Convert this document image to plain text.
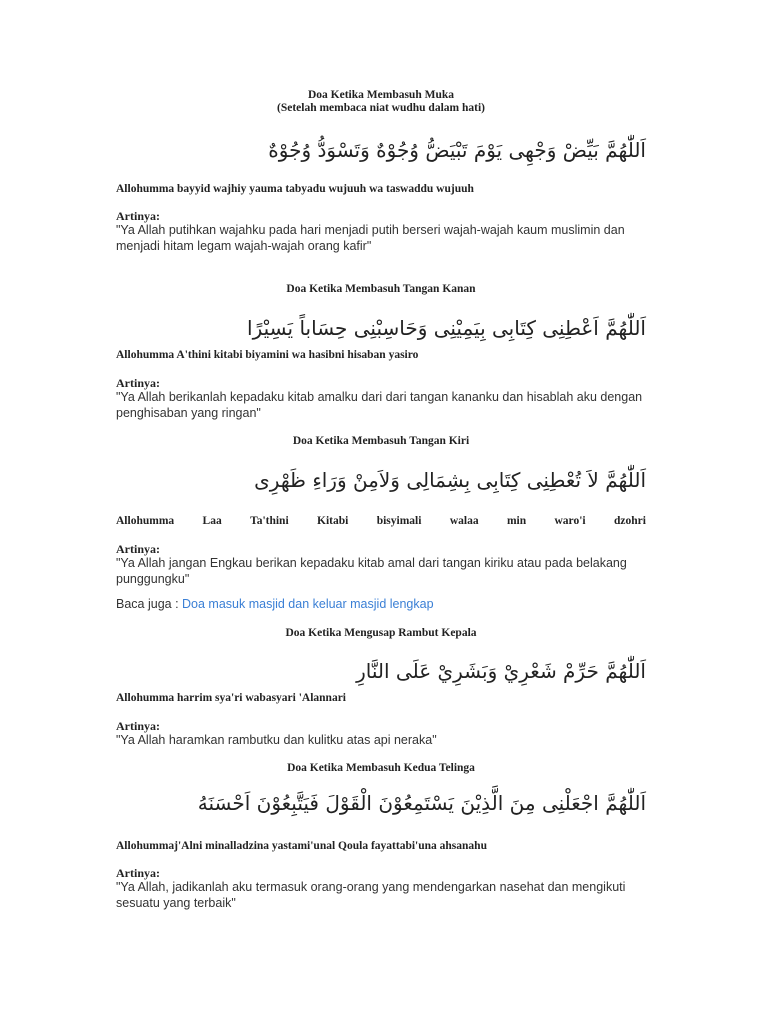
Doa Ketika Membasuh Muka
(Setelah membaca niat wudhu dalam hati)
اَللّٰهُمَّ بَيِّضْ وَجْهِى يَوْمَ تَبْيَضُّ وُجُوْهٌ وَتَسْوَدُّ وُجُوْهٌ
Allohumma bayyid wajhiy yauma tabyadu wujuuh wa taswaddu wujuuh
Artinya:
"Ya Allah putihkan wajahku pada hari menjadi putih berseri wajah-wajah kaum muslimin dan menjadi hitam legam wajah-wajah orang kafir"
Doa Ketika Membasuh Tangan Kanan
اَللّٰهُمَّ اَعْطِنِى كِتَابِى بِيَمِيْنِى وَحَاسِبْنِى حِسَاباً يَسِيْرًا
Allohumma A'thini kitabi biyamini wa hasibni hisaban yasiro
Artinya:
"Ya Allah berikanlah kepadaku kitab amalku dari dari tangan kananku dan hisablah aku dengan penghisaban yang ringan"
Doa Ketika Membasuh Tangan Kiri
اَللّٰهُمَّ لاَ تُعْطِنِى كِتَابِى بِشِمَالِى وَلاَمِنْ وَرَاءِ ظَهْرِى
Allohumma Laa Ta'thini Kitabi bisyimali walaa min waro'i dzohri
Artinya:
"Ya Allah jangan Engkau berikan kepadaku kitab amal dari tangan kiriku atau pada belakang punggungku"
Baca juga : Doa masuk masjid dan keluar masjid lengkap
Doa Ketika Mengusap Rambut Kepala
اَللّٰهُمَّ حَرِّمْ شَعْرِيْ وَبَشَرِيْ عَلَى النَّارِ
Allohumma harrim sya'ri wabasyari 'Alannari
Artinya:
"Ya Allah haramkan rambutku dan kulitku atas api neraka"
Doa Ketika Membasuh Kedua Telinga
اَللّٰهُمَّ اجْعَلْنِى مِنَ الَّذِيْنَ يَسْتَمِعُوْنَ الْقَوْلَ فَيَتَّبِعُوْنَ اَحْسَنَهُ
Allohummaj'Alni minalladzina yastami'unal Qoula fayattabi'una ahsanahu
Artinya:
"Ya Allah, jadikanlah aku termasuk orang-orang yang mendengarkan nasehat dan mengikuti sesuatu yang terbaik"
